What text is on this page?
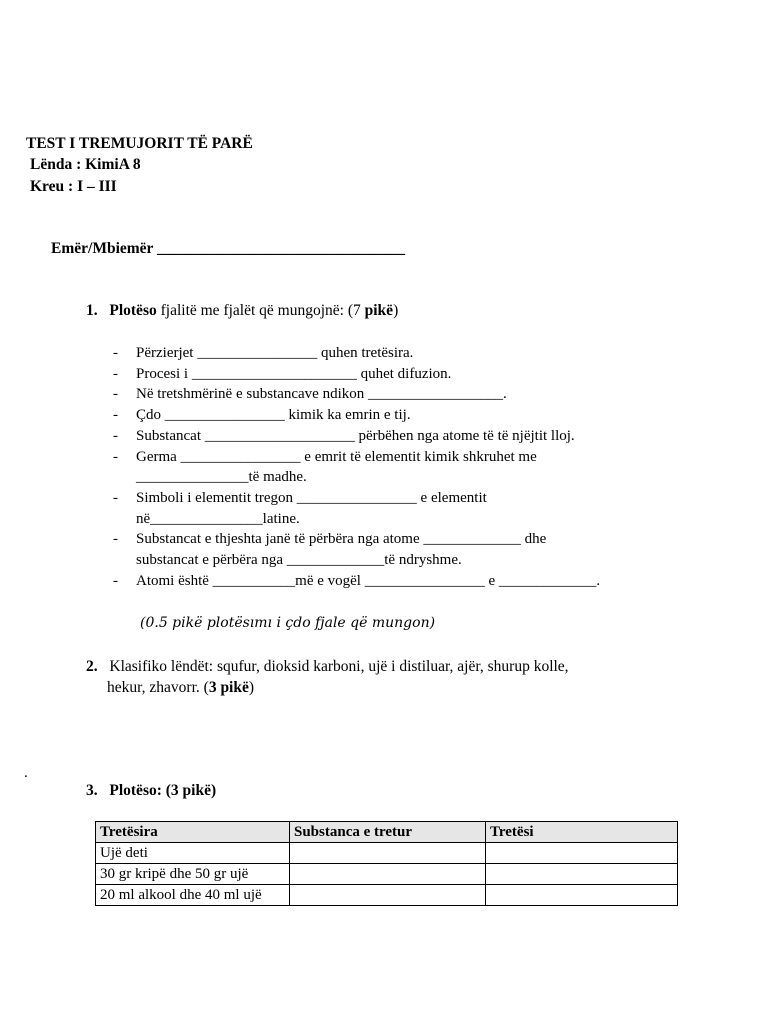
TEST I TREMUJORIT TË PARË
Lënda : KimiA 8
Kreu : I – III
Emër/Mbiemër ________________________________
1. Plotëso fjalitë me fjalët që mungojnë: (7 pikë)
- Përzierjet ________________ quhen tretësira.
- Procesi i ______________________ quhet difuzion.
- Në tretshmërinë e substancave ndikon __________________.
- Çdo ________________ kimik ka emrin e tij.
- Substancat ____________________ përbëhen nga atome të të njëjtit lloj.
- Germa ________________ e emrit të elementit kimik shkruhet me
_______________të madhe.
- Simboli i elementit tregon ________________ e elementit
në_______________latine.
- Substancat e thjeshta janë të përbëra nga atome _____________ dhe
substancat e përbëra nga _____________të ndryshme.
- Atomi është ___________më e vogël ________________ e _____________.
(0.5 pikë plotësımı i çdo fjale që mungon)
2. Klasifiko lëndët: squfur, dioksid karboni, ujë i distiluar, ajër, shurup kolle,
hekur, zhavorr. (3 pikë)
.
3. Plotëso: (3 pikë)
Tretësira	Substanca e tretur	Tretësi
Ujë deti		
30 gr kripë dhe 50 gr ujë		
20 ml alkool dhe 40 ml ujë		
